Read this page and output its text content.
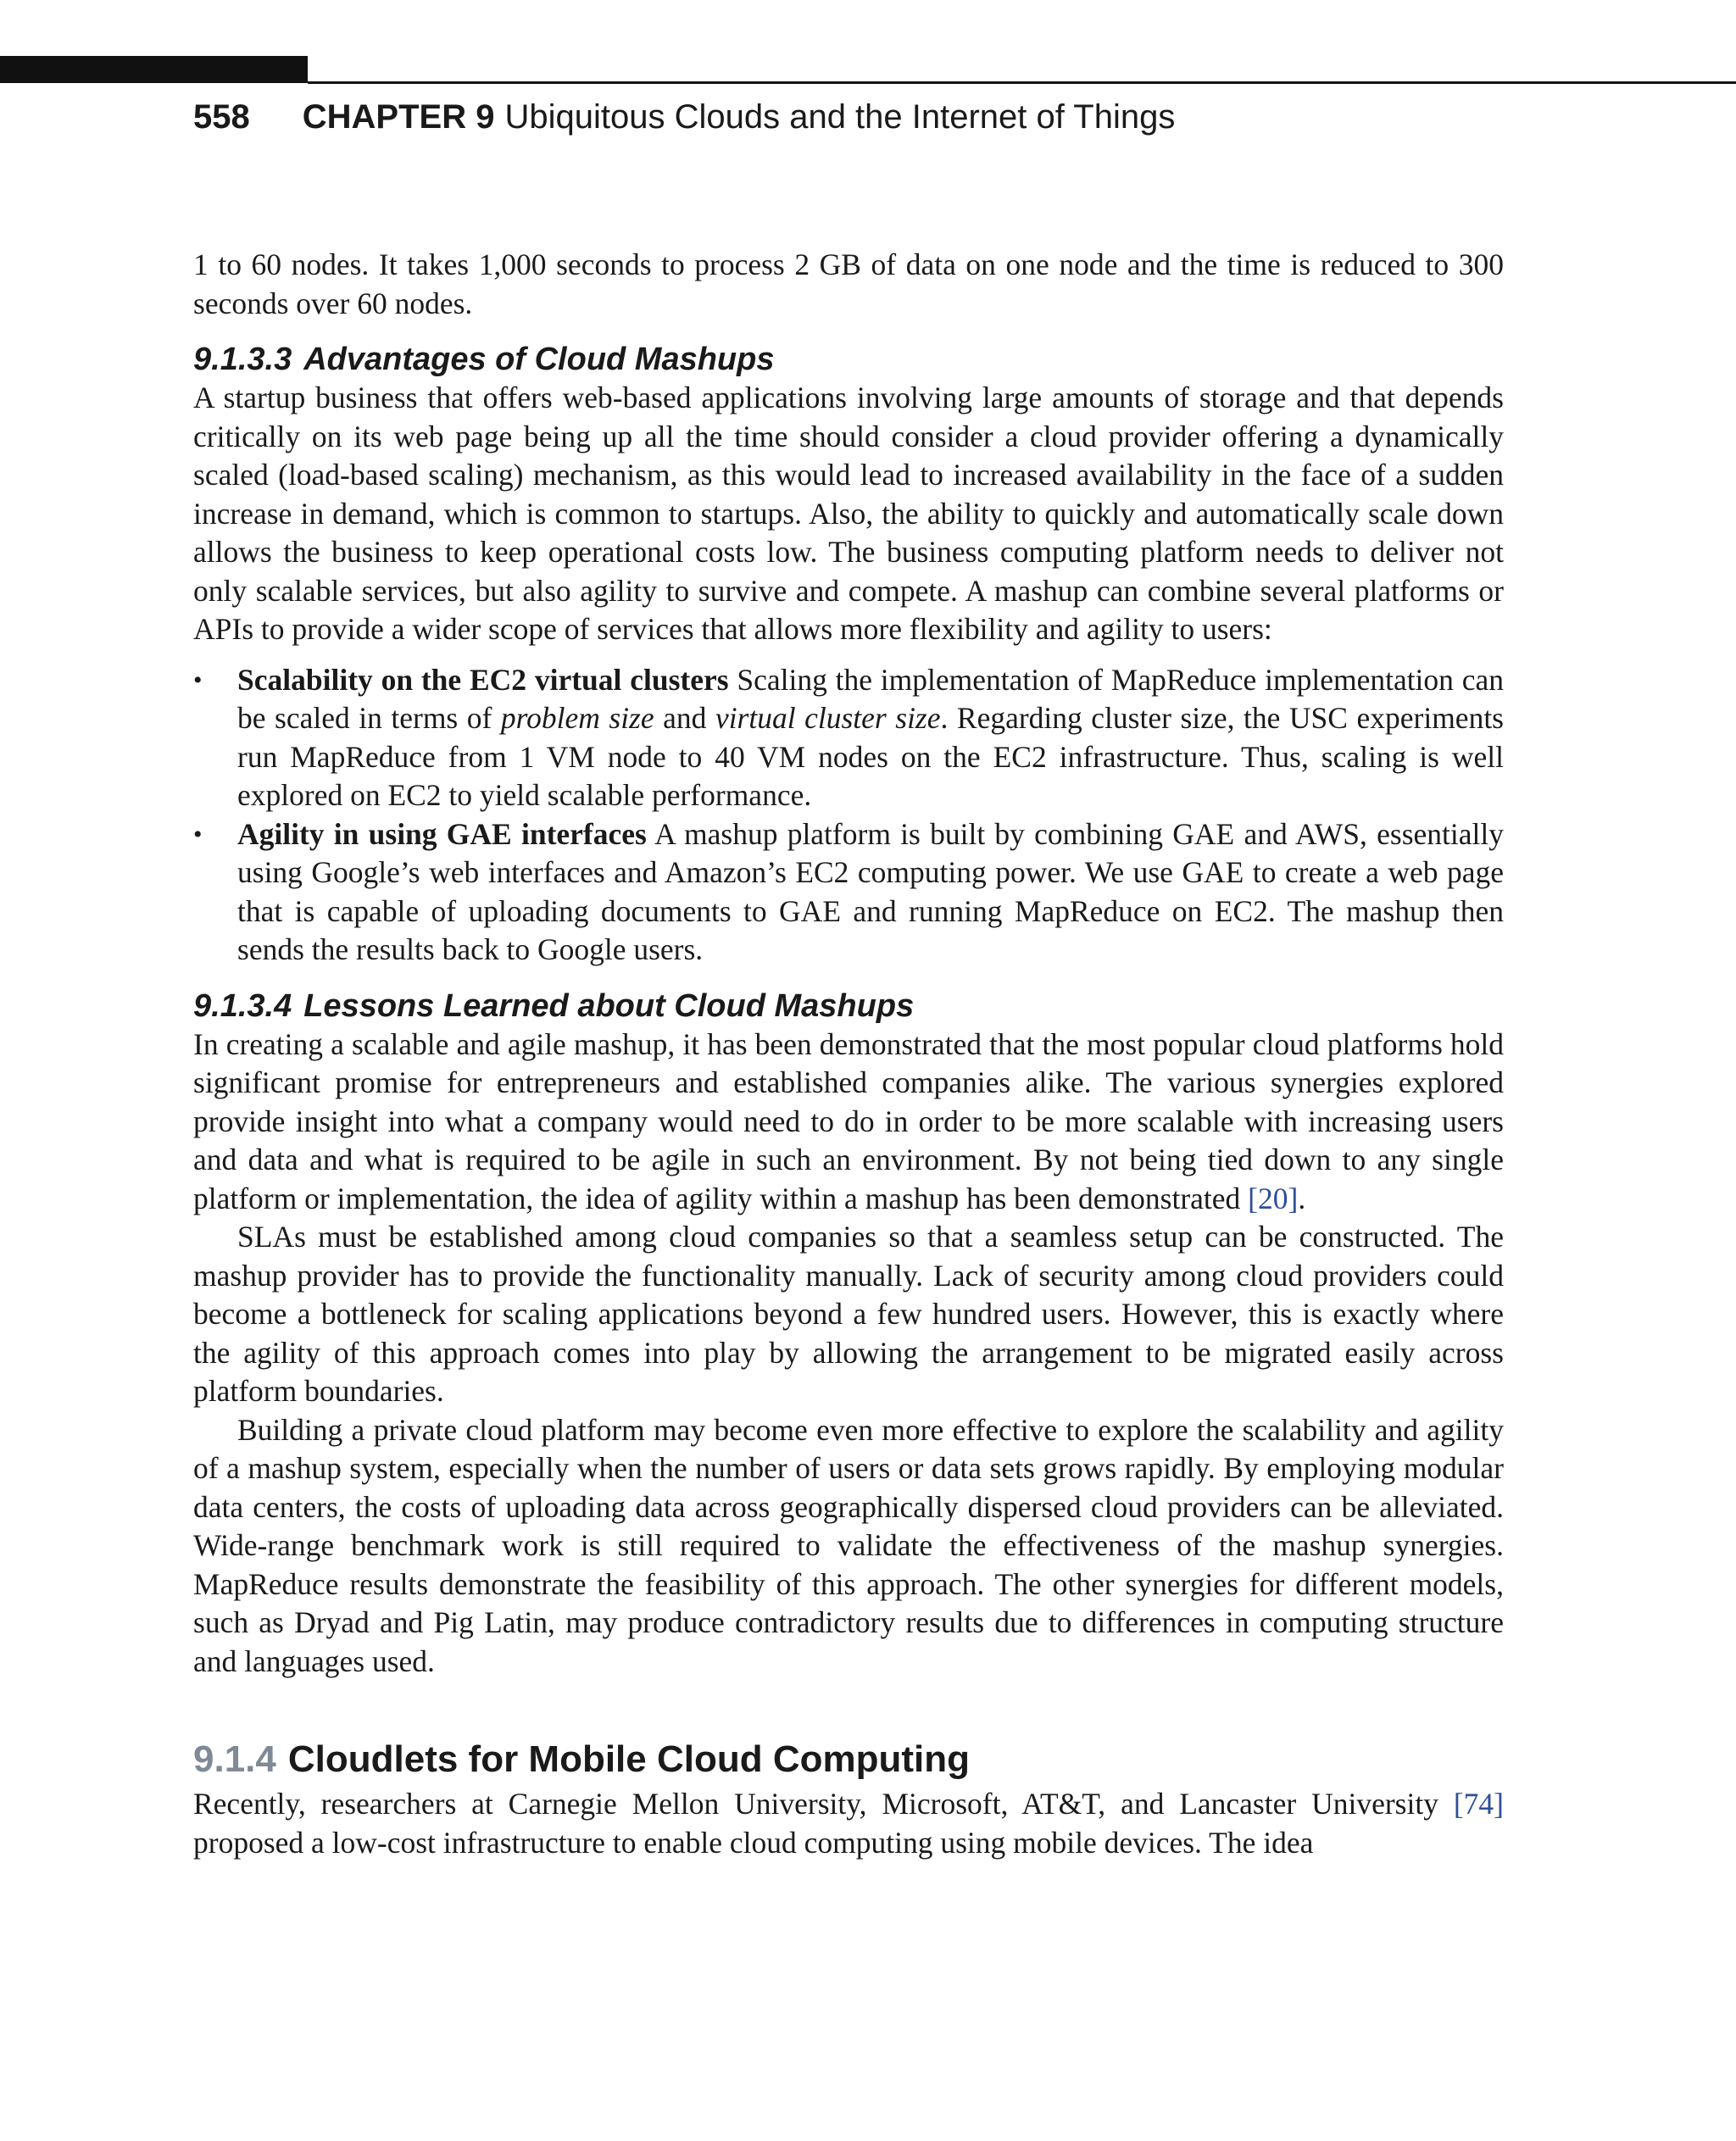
558 CHAPTER 9 Ubiquitous Clouds and the Internet of Things

1 to 60 nodes. It takes 1,000 seconds to process 2 GB of data on one node and the time is reduced to 300 seconds over 60 nodes.

9.1.3.3 Advantages of Cloud Mashups

A startup business that offers web-based applications involving large amounts of storage and that depends critically on its web page being up all the time should consider a cloud provider offering a dynamically scaled (load-based scaling) mechanism, as this would lead to increased availability in the face of a sudden increase in demand, which is common to startups. Also, the ability to quickly and automatically scale down allows the business to keep operational costs low. The business computing platform needs to deliver not only scalable services, but also agility to survive and compete. A mashup can combine several platforms or APIs to provide a wider scope of services that allows more flexibility and agility to users:

• Scalability on the EC2 virtual clusters Scaling the implementation of MapReduce implementation can be scaled in terms of problem size and virtual cluster size. Regarding cluster size, the USC experiments run MapReduce from 1 VM node to 40 VM nodes on the EC2 infrastructure. Thus, scaling is well explored on EC2 to yield scalable performance.
• Agility in using GAE interfaces A mashup platform is built by combining GAE and AWS, essentially using Google’s web interfaces and Amazon’s EC2 computing power. We use GAE to create a web page that is capable of uploading documents to GAE and running MapReduce on EC2. The mashup then sends the results back to Google users.
9.1.3.4 Lessons Learned about Cloud Mashups

In creating a scalable and agile mashup, it has been demonstrated that the most popular cloud platforms hold significant promise for entrepreneurs and established companies alike. The various synergies explored provide insight into what a company would need to do in order to be more scalable with increasing users and data and what is required to be agile in such an environment. By not being tied down to any single platform or implementation, the idea of agility within a mashup has been demonstrated [20].

SLAs must be established among cloud companies so that a seamless setup can be constructed. The mashup provider has to provide the functionality manually. Lack of security among cloud providers could become a bottleneck for scaling applications beyond a few hundred users. However, this is exactly where the agility of this approach comes into play by allowing the arrangement to be migrated easily across platform boundaries.

Building a private cloud platform may become even more effective to explore the scalability and agility of a mashup system, especially when the number of users or data sets grows rapidly. By employing modular data centers, the costs of uploading data across geographically dispersed cloud providers can be alleviated. Wide-range benchmark work is still required to validate the effectiveness of the mashup synergies. MapReduce results demonstrate the feasibility of this approach. The other synergies for different models, such as Dryad and Pig Latin, may produce contradictory results due to differences in computing structure and languages used.

9.1.4 Cloudlets for Mobile Cloud Computing

Recently, researchers at Carnegie Mellon University, Microsoft, AT&T, and Lancaster University [74] proposed a low-cost infrastructure to enable cloud computing using mobile devices. The idea
